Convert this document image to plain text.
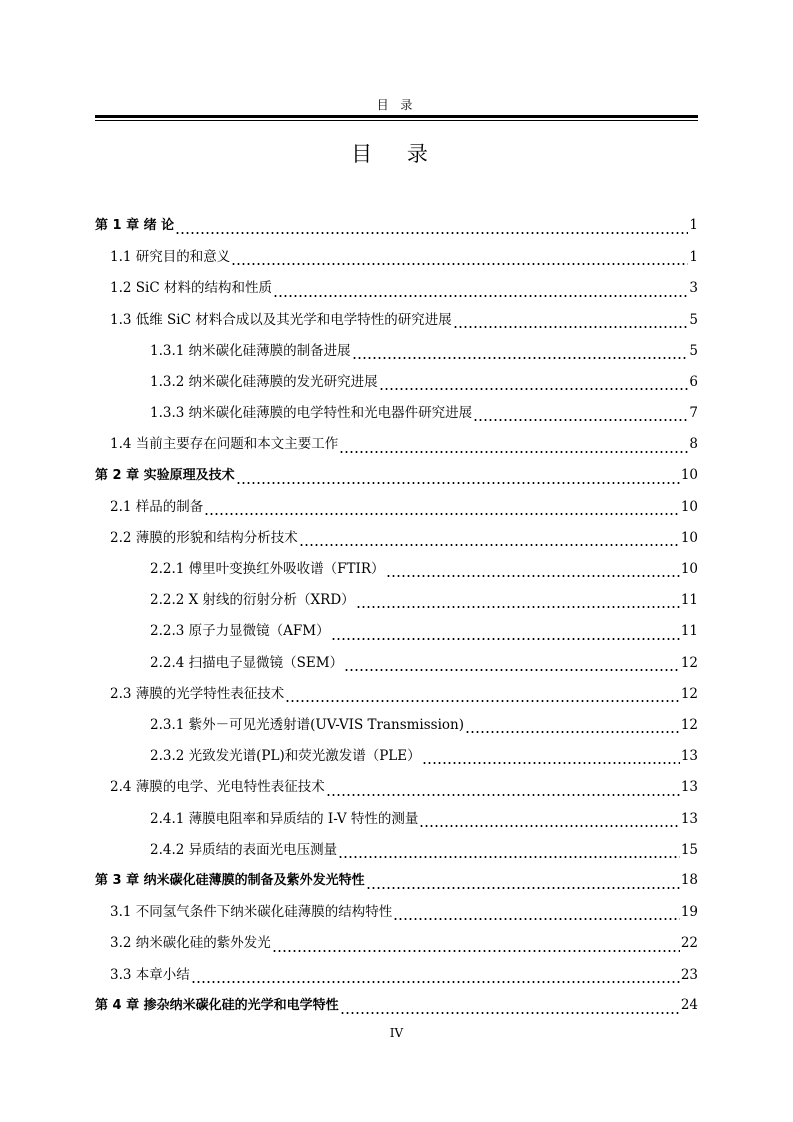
目 录
目 录
第 1 章 绪 论	1
1.1 研究目的和意义	1
1.2 SiC 材料的结构和性质	3
1.3 低维 SiC 材料合成以及其光学和电学特性的研究进展	5
1.3.1 纳米碳化硅薄膜的制备进展	5
1.3.2 纳米碳化硅薄膜的发光研究进展	6
1.3.3 纳米碳化硅薄膜的电学特性和光电器件研究进展	7
1.4 当前主要存在问题和本文主要工作	8
第 2 章 实验原理及技术	10
2.1 样品的制备	10
2.2 薄膜的形貌和结构分析技术	10
2.2.1 傅里叶变换红外吸收谱（FTIR）	10
2.2.2 X 射线的衍射分析（XRD）	11
2.2.3 原子力显微镜（AFM）	11
2.2.4 扫描电子显微镜（SEM）	12
2.3 薄膜的光学特性表征技术	12
2.3.1 紫外－可见光透射谱(UV-VIS Transmission)	12
2.3.2 光致发光谱(PL)和荧光激发谱（PLE）	13
2.4 薄膜的电学、光电特性表征技术	13
2.4.1 薄膜电阻率和异质结的 I-V 特性的测量	13
2.4.2 异质结的表面光电压测量	15
第 3 章 纳米碳化硅薄膜的制备及紫外发光特性	18
3.1 不同氢气条件下纳米碳化硅薄膜的结构特性	19
3.2 纳米碳化硅的紫外发光	22
3.3 本章小结	23
第 4 章 掺杂纳米碳化硅的光学和电学特性	24
IV
